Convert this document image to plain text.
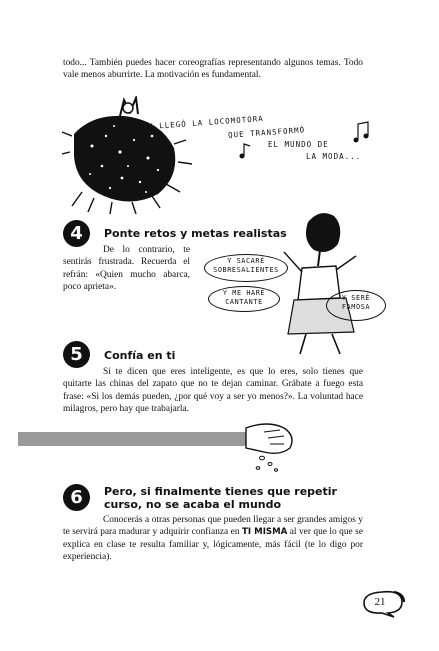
todo... También puedes hacer coreografías representando algunos temas. Todo vale menos aburrirte. La motivación es fundamental.

Y LLEGÓ LA LOCOMOTORA

QUE TRANSFORMÓ

EL MUNDO DE

LA MODA...

4	Ponte retos y metas realistas

De lo contrario, te sentirás frustrada. Recuerda el refrán: «Quien mucho abarca, poco aprieta».

Y SACARÉ SOBRESALIENTES
Y ME HARÉ CANTANTE	Y SERÉ FAMOSA
5	Confía en ti

Si te dicen que eres inteligente, es que lo eres, solo tienes que quitarte las chinas del zapato que no te dejan caminar. Grábate a fuego esta frase: «Si los demás pueden, ¿por qué voy a ser yo menos?». La voluntad hace milagros, pero hay que trabajarla.

6	Pero, si finalmente tienes que repetir curso, no se acaba el mundo

Conocerás a otras personas que pueden llegar a ser grandes amigos y te servirá para madurar y adquirir confianza en TI MISMA al ver que lo que se explica en clase te resulta familiar y, lógicamente, más fácil (te lo digo por experiencia).

21
